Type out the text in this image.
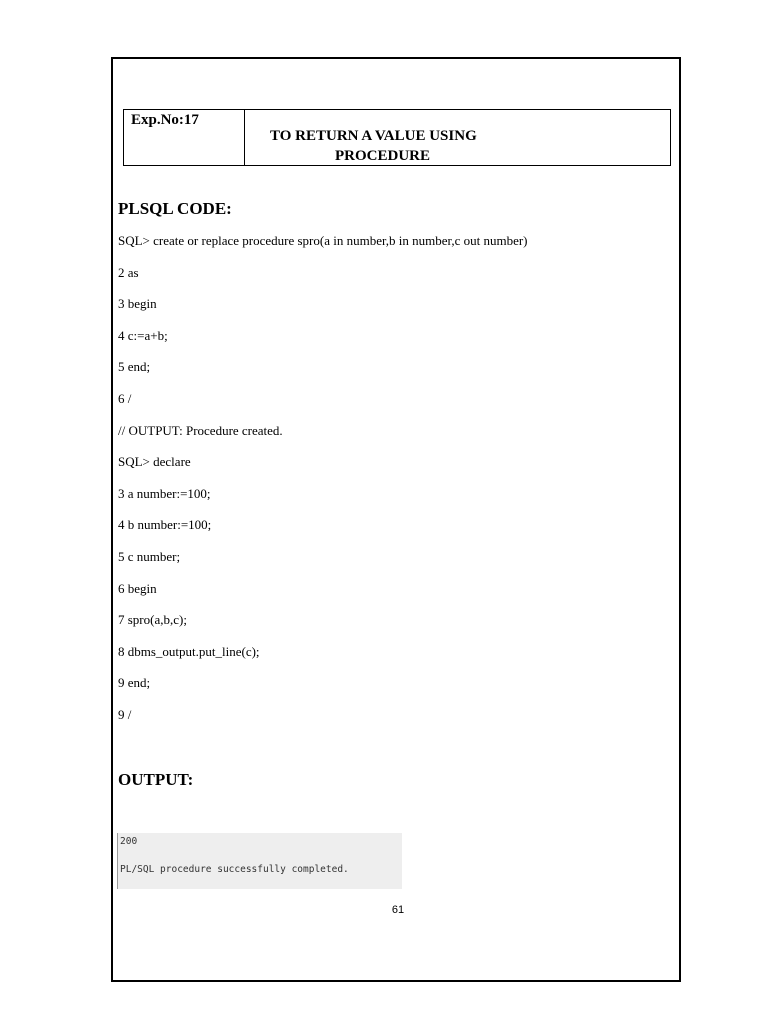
Exp.No:17
TO RETURN A VALUE USING
PROCEDURE
PLSQL CODE:
SQL> create or replace procedure spro(a in number,b in number,c out number)
2 as
3 begin
4 c:=a+b;
5 end;
6 /
// OUTPUT: Procedure created.
SQL> declare
3 a number:=100;
4 b number:=100;
5 c number;
6 begin
7 spro(a,b,c);
8 dbms_output.put_line(c);
9 end;
9 /
OUTPUT:
200
PL/SQL procedure successfully completed.
61
